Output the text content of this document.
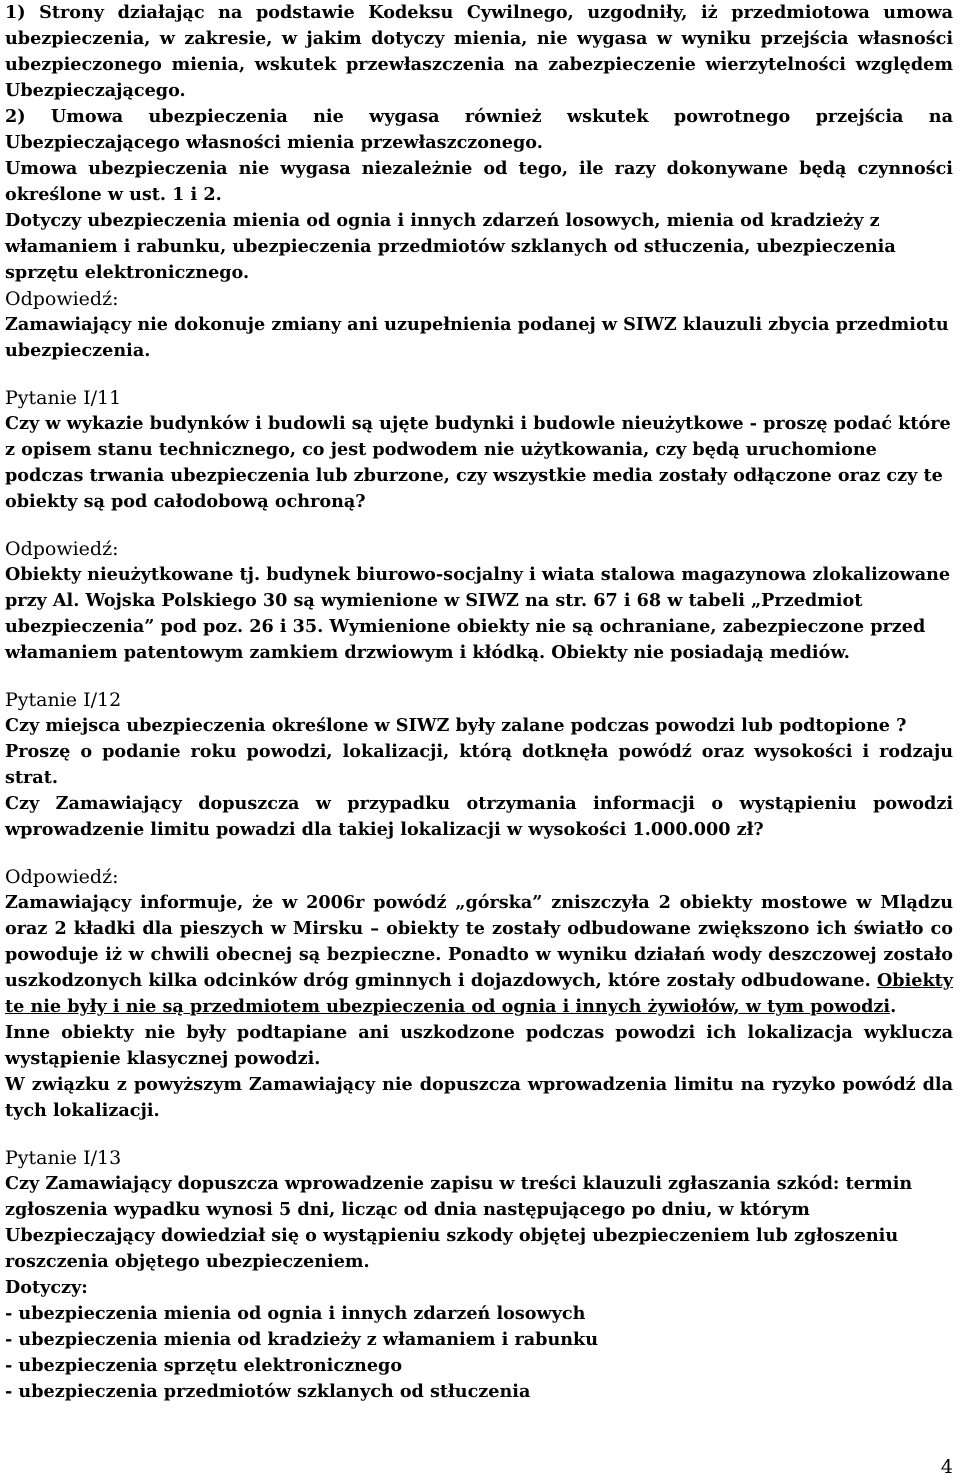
1) Strony działając na podstawie Kodeksu Cywilnego, uzgodniły, iż przedmiotowa umowa ubezpieczenia, w zakresie, w jakim dotyczy mienia, nie wygasa w wyniku przejścia własności ubezpieczonego mienia, wskutek przewłaszczenia na zabezpieczenie wierzytelności względem Ubezpieczającego.

2) Umowa ubezpieczenia nie wygasa również wskutek powrotnego przejścia na Ubezpieczającego własności mienia przewłaszczonego.

Umowa ubezpieczenia nie wygasa niezależnie od tego, ile razy dokonywane będą czynności określone w ust. 1 i 2.

Dotyczy ubezpieczenia mienia od ognia i innych zdarzeń losowych, mienia od kradzieży z włamaniem i rabunku, ubezpieczenia przedmiotów szklanych od stłuczenia, ubezpieczenia sprzętu elektronicznego.

Odpowiedź:

Zamawiający nie dokonuje zmiany ani uzupełnienia podanej w SIWZ klauzuli zbycia przedmiotu ubezpieczenia.

Pytanie I/11

Czy w wykazie budynków i budowli są ujęte budynki i budowle nieużytkowe - proszę podać które z opisem stanu technicznego, co jest podwodem nie użytkowania, czy będą uruchomione podczas trwania ubezpieczenia lub zburzone, czy wszystkie media zostały odłączone oraz czy te obiekty są pod całodobową ochroną?

Odpowiedź:

Obiekty nieużytkowane tj. budynek biurowo-socjalny i wiata stalowa magazynowa zlokalizowane przy Al. Wojska Polskiego 30 są wymienione w SIWZ na str. 67 i 68 w tabeli „Przedmiot ubezpieczenia” pod poz. 26 i 35. Wymienione obiekty nie są ochraniane, zabezpieczone przed włamaniem patentowym zamkiem drzwiowym i kłódką. Obiekty nie posiadają mediów.

Pytanie I/12

Czy miejsca ubezpieczenia określone w SIWZ były zalane podczas powodzi lub podtopione ?

Proszę o podanie roku powodzi, lokalizacji, którą dotknęła powódź oraz wysokości i rodzaju strat.

Czy Zamawiający dopuszcza w przypadku otrzymania informacji o wystąpieniu powodzi wprowadzenie limitu powadzi dla takiej lokalizacji w wysokości 1.000.000 zł?

Odpowiedź:

Zamawiający informuje, że w 2006r powódź „górska” zniszczyła 2 obiekty mostowe w Mlądzu oraz 2 kładki dla pieszych w Mirsku – obiekty te zostały odbudowane zwiększono ich światło co powoduje iż w chwili obecnej są bezpieczne. Ponadto w wyniku działań wody deszczowej zostało uszkodzonych kilka odcinków dróg gminnych i dojazdowych, które zostały odbudowane. Obiekty te nie były i nie są przedmiotem ubezpieczenia od ognia i innych żywiołów, w tym powodzi.

Inne obiekty nie były podtapiane ani uszkodzone podczas powodzi ich lokalizacja wyklucza wystąpienie klasycznej powodzi.

W związku z powyższym Zamawiający nie dopuszcza wprowadzenia limitu na ryzyko powódź dla tych lokalizacji.

Pytanie I/13

Czy Zamawiający dopuszcza wprowadzenie zapisu w treści klauzuli zgłaszania szkód: termin zgłoszenia wypadku wynosi 5 dni, licząc od dnia następującego po dniu, w którym Ubezpieczający dowiedział się o wystąpieniu szkody objętej ubezpieczeniem lub zgłoszeniu roszczenia objętego ubezpieczeniem.

Dotyczy:

- ubezpieczenia mienia od ognia i innych zdarzeń losowych

- ubezpieczenia mienia od kradzieży z włamaniem i rabunku

- ubezpieczenia sprzętu elektronicznego

- ubezpieczenia przedmiotów szklanych od stłuczenia

4
